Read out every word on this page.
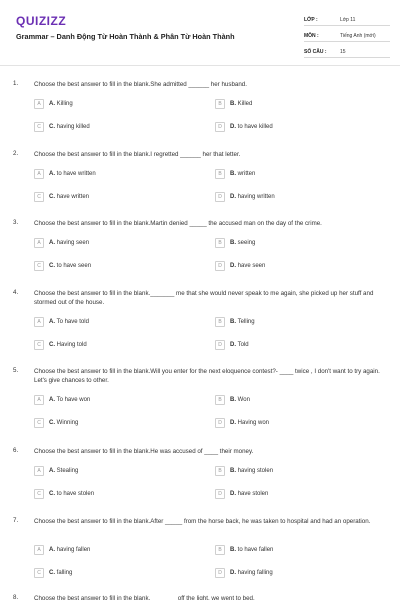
QUIZIZZ
Grammar – Danh Động Từ Hoàn Thành & Phân Từ Hoàn Thành
LỚP :	Lớp 11
MÔN :	Tiếng Anh (mới)
SỐ CÂU :	15
1.	Choose the best answer to fill in the blank.She admitted ______ her husband.
A	A. Killing	B	B. Killed
C	C. having killed	D	D. to have killed
2.	Choose the best answer to fill in the blank.I regretted ______ her that letter.
A	A. to have written	B	B. written
C	C. have written	D	D. having written
3.	Choose the best answer to fill in the blank.Martin denied _____ the accused man on the day of the crime.
A	A. having seen	B	B. seeing
C	C. to have seen	D	D. have seen
4.	Choose the best answer to fill in the blank._______ me that she would never speak to me again, she picked up her stuff and stormed out of the house.
A	A. To have told	B	B. Telling
C	C. Having told	D	D. Told
5.	Choose the best answer to fill in the blank.Will you enter for the next eloquence contest?- ____ twice , I don't want to try again. Let's give chances to other.
A	A. To have won	B	B. Won
C	C. Winning	D	D. Having won
6.	Choose the best answer to fill in the blank.He was accused of ____ their money.
A	A. Stealing	B	B. having stolen
C	C. to have stolen	D	D. have stolen
7.	Choose the best answer to fill in the blank.After _____ from the horse back, he was taken to hospital and had an operation.
A	A. having fallen	B	B. to have fallen
C	C. falling	D	D. having falling
8.	Choose the best answer to fill in the blank. _______ off the light, we went to bed.
